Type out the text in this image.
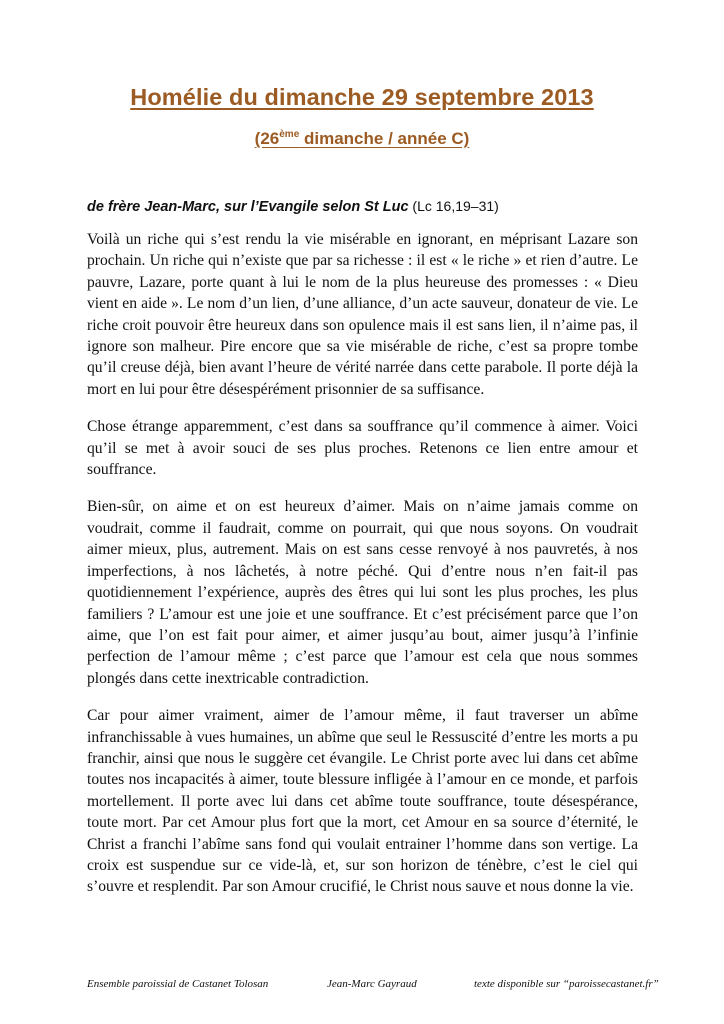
Homélie du dimanche 29 septembre 2013
(26ème dimanche / année C)
de frère Jean-Marc, sur l’Evangile selon St Luc (Lc 16,19–31)

Voilà un riche qui s’est rendu la vie misérable en ignorant, en méprisant Lazare son prochain. Un riche qui n’existe que par sa richesse : il est « le riche » et rien d’autre. Le pauvre, Lazare, porte quant à lui le nom de la plus heureuse des promesses : « Dieu vient en aide ». Le nom d’un lien, d’une alliance, d’un acte sauveur, donateur de vie. Le riche croit pouvoir être heureux dans son opulence mais il est sans lien, il n’aime pas, il ignore son malheur. Pire encore que sa vie misérable de riche, c’est sa propre tombe qu’il creuse déjà, bien avant l’heure de vérité narrée dans cette parabole. Il porte déjà la mort en lui pour être désespérément prisonnier de sa suffisance.

Chose étrange apparemment, c’est dans sa souffrance qu’il commence à aimer. Voici qu’il se met à avoir souci de ses plus proches. Retenons ce lien entre amour et souffrance.

Bien-sûr, on aime et on est heureux d’aimer. Mais on n’aime jamais comme on voudrait, comme il faudrait, comme on pourrait, qui que nous soyons. On voudrait aimer mieux, plus, autrement. Mais on est sans cesse renvoyé à nos pauvretés, à nos imperfections, à nos lâchetés, à notre péché. Qui d’entre nous n’en fait-il pas quotidiennement l’expérience, auprès des êtres qui lui sont les plus proches, les plus familiers ? L’amour est une joie et une souffrance. Et c’est précisément parce que l’on aime, que l’on est fait pour aimer, et aimer jusqu’au bout, aimer jusqu’à l’infinie perfection de l’amour même ; c’est parce que l’amour est cela que nous sommes plongés dans cette inextricable contradiction.

Car pour aimer vraiment, aimer de l’amour même, il faut traverser un abîme infranchissable à vues humaines, un abîme que seul le Ressuscité d’entre les morts a pu franchir, ainsi que nous le suggère cet évangile. Le Christ porte avec lui dans cet abîme toutes nos incapacités à aimer, toute blessure infligée à l’amour en ce monde, et parfois mortellement. Il porte avec lui dans cet abîme toute souffrance, toute désespérance, toute mort. Par cet Amour plus fort que la mort, cet Amour en sa source d’éternité, le Christ a franchi l’abîme sans fond qui voulait entrainer l’homme dans son vertige. La croix est suspendue sur ce vide-là, et, sur son horizon de ténèbre, c’est le ciel qui s’ouvre et resplendit. Par son Amour crucifié, le Christ nous sauve et nous donne la vie.

Ensemble paroissial de Castanet Tolosan	Jean-Marc Gayraud	texte disponible sur “paroissecastanet.fr”
